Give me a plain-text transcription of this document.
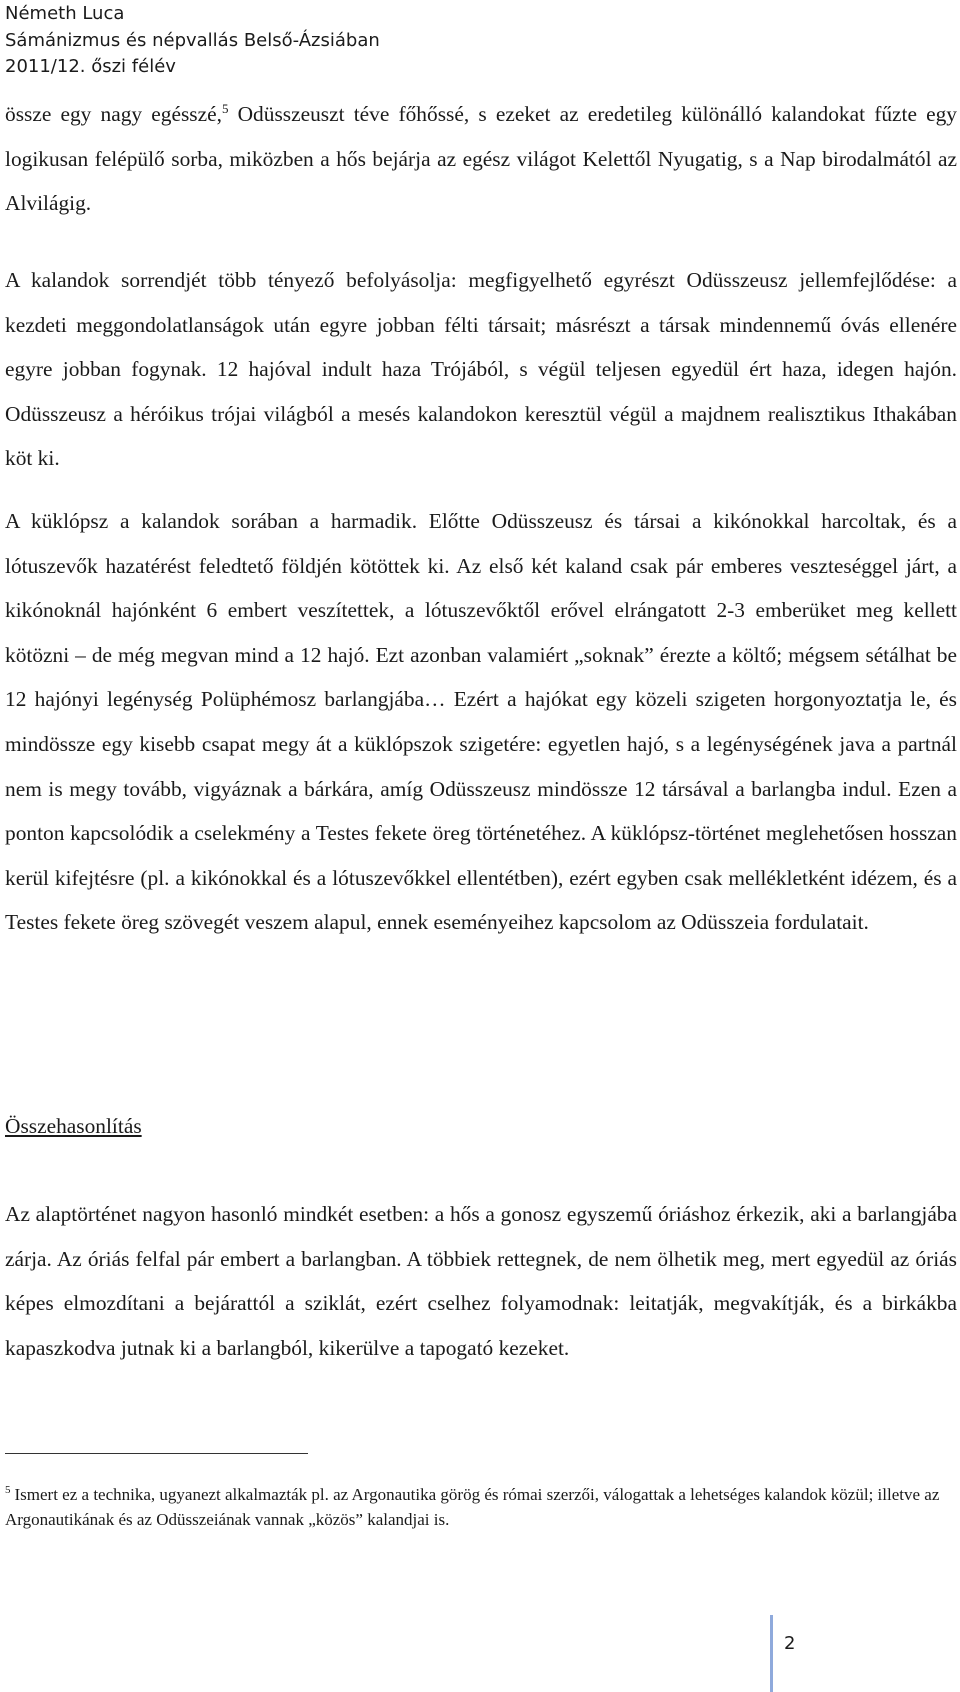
Németh Luca
Sámánizmus és népvallás Belső-Ázsiában
2011/12. őszi félév

össze egy nagy egésszé,$^5$ Odüsszeuszt téve főhőssé, s ezeket az eredetileg különálló kalandokat fűzte egy logikusan felépülő sorba, miközben a hős bejárja az egész világot Kelettől Nyugatig, s a Nap birodalmától az Alvilágig.

A kalandok sorrendjét több tényező befolyásolja: megfigyelhető egyrészt Odüsszeusz jellemfejlődése: a kezdeti meggondolatlanságok után egyre jobban félti társait; másrészt a társak mindennemű óvás ellenére egyre jobban fogynak. 12 hajóval indult haza Trójából, s végül teljesen egyedül ért haza, idegen hajón. Odüsszeusz a héróikus trójai világból a mesés kalandokon keresztül végül a majdnem realisztikus Ithakában köt ki.

A küklópsz a kalandok sorában a harmadik. Előtte Odüsszeusz és társai a kikónokkal harcoltak, és a lótuszevők hazatérést feledtető földjén kötöttek ki. Az első két kaland csak pár emberes veszteséggel járt, a kikónoknál hajónként 6 embert veszítettek, a lótuszevőktől erővel elrángatott 2-3 emberüket meg kellett kötözni – de még megvan mind a 12 hajó. Ezt azonban valamiért „soknak” érezte a költő; mégsem sétálhat be 12 hajónyi legénység Polüphémosz barlangjába… Ezért a hajókat egy közeli szigeten horgonyoztatja le, és mindössze egy kisebb csapat megy át a küklópszok szigetére: egyetlen hajó, s a legénységének java a partnál nem is megy tovább, vigyáznak a bárkára, amíg Odüsszeusz mindössze 12 társával a barlangba indul. Ezen a ponton kapcsolódik a cselekmény a Testes fekete öreg történetéhez. A küklópsz-történet meglehetősen hosszan kerül kifejtésre (pl. a kikónokkal és a lótuszevőkkel ellentétben), ezért egyben csak mellékletként idézem, és a Testes fekete öreg szövegét veszem alapul, ennek eseményeihez kapcsolom az Odüsszeia fordulatait.

Összehasonlítás

Az alaptörténet nagyon hasonló mindkét esetben: a hős a gonosz egyszemű óriáshoz érkezik, aki a barlangjába zárja. Az óriás felfal pár embert a barlangban. A többiek rettegnek, de nem ölhetik meg, mert egyedül az óriás képes elmozdítani a bejárattól a sziklát, ezért cselhez folyamodnak: leitatják, megvakítják, és a birkákba kapaszkodva jutnak ki a barlangból, kikerülve a tapogató kezeket.

$^5$ Ismert ez a technika, ugyanezt alkalmazták pl. az Argonautika görög és római szerzői, válogattak a lehetséges kalandok közül; illetve az Argonautikának és az Odüsszeiának vannak „közös” kalandjai is.

2
